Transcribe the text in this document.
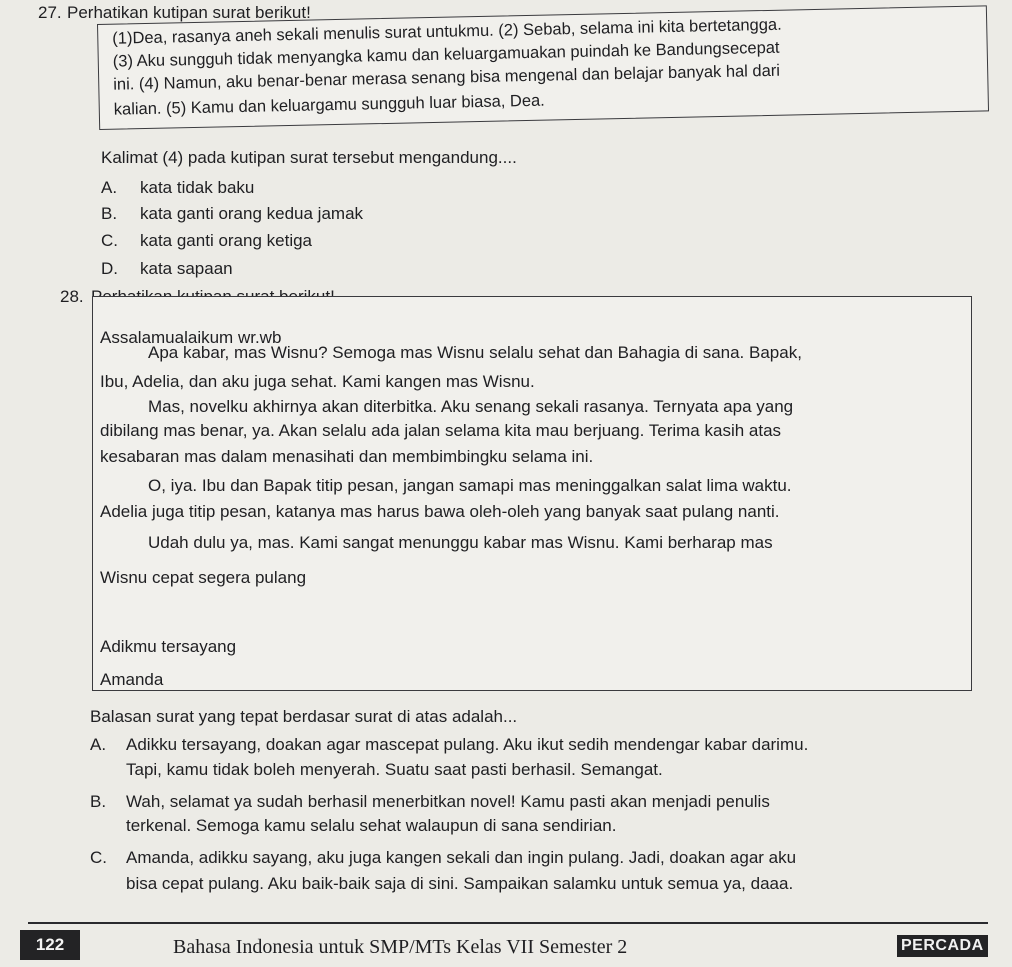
27. Perhatikan kutipan surat berikut!

(1)Dea, rasanya aneh sekali menulis surat untukmu. (2) Sebab, selama ini kita bertetangga.

(3) Aku sungguh tidak menyangka kamu dan keluargamuakan puindah ke Bandungsecepat

ini. (4) Namun, aku benar-benar merasa senang bisa mengenal dan belajar banyak hal dari

kalian. (5) Kamu dan keluargamu sungguh luar biasa, Dea.

Kalimat (4) pada kutipan surat tersebut mengandung....
A. kata tidak baku
B. kata ganti orang kedua jamak
C. kata ganti orang ketiga
D. kata sapaan
28.

Assalamualaikum wr.wb

Apa kabar, mas Wisnu? Semoga mas Wisnu selalu sehat dan Bahagia di sana. Bapak,

Ibu, Adelia, dan aku juga sehat. Kami kangen mas Wisnu.

Mas, novelku akhirnya akan diterbitka. Aku senang sekali rasanya. Ternyata apa yang

dibilang mas benar, ya. Akan selalu ada jalan selama kita mau berjuang. Terima kasih atas

kesabaran mas dalam menasihati dan membimbingku selama ini.

O, iya. Ibu dan Bapak titip pesan, jangan samapi mas meninggalkan salat lima waktu.

Adelia juga titip pesan, katanya mas harus bawa oleh-oleh yang banyak saat pulang nanti.

Udah dulu ya, mas. Kami sangat menunggu kabar mas Wisnu. Kami berharap mas

Wisnu cepat segera pulang

Adikmu tersayang

Amanda

Balasan surat yang tepat berdasar surat di atas adalah...
A. Adikku tersayang, doakan agar mascepat pulang. Aku ikut sedih mendengar kabar darimu.
Tapi, kamu tidak boleh menyerah. Suatu saat pasti berhasil. Semangat.
B. Wah, selamat ya sudah berhasil menerbitkan novel! Kamu pasti akan menjadi penulis
terkenal. Semoga kamu selalu sehat walaupun di sana sendirian.
C. Amanda, adikku sayang, aku juga kangen sekali dan ingin pulang. Jadi, doakan agar aku
bisa cepat pulang. Aku baik-baik saja di sini. Sampaikan salamku untuk semua ya, daaa.
122	Bahasa Indonesia untuk SMP/MTs Kelas VII Semester 2	PERCADA
